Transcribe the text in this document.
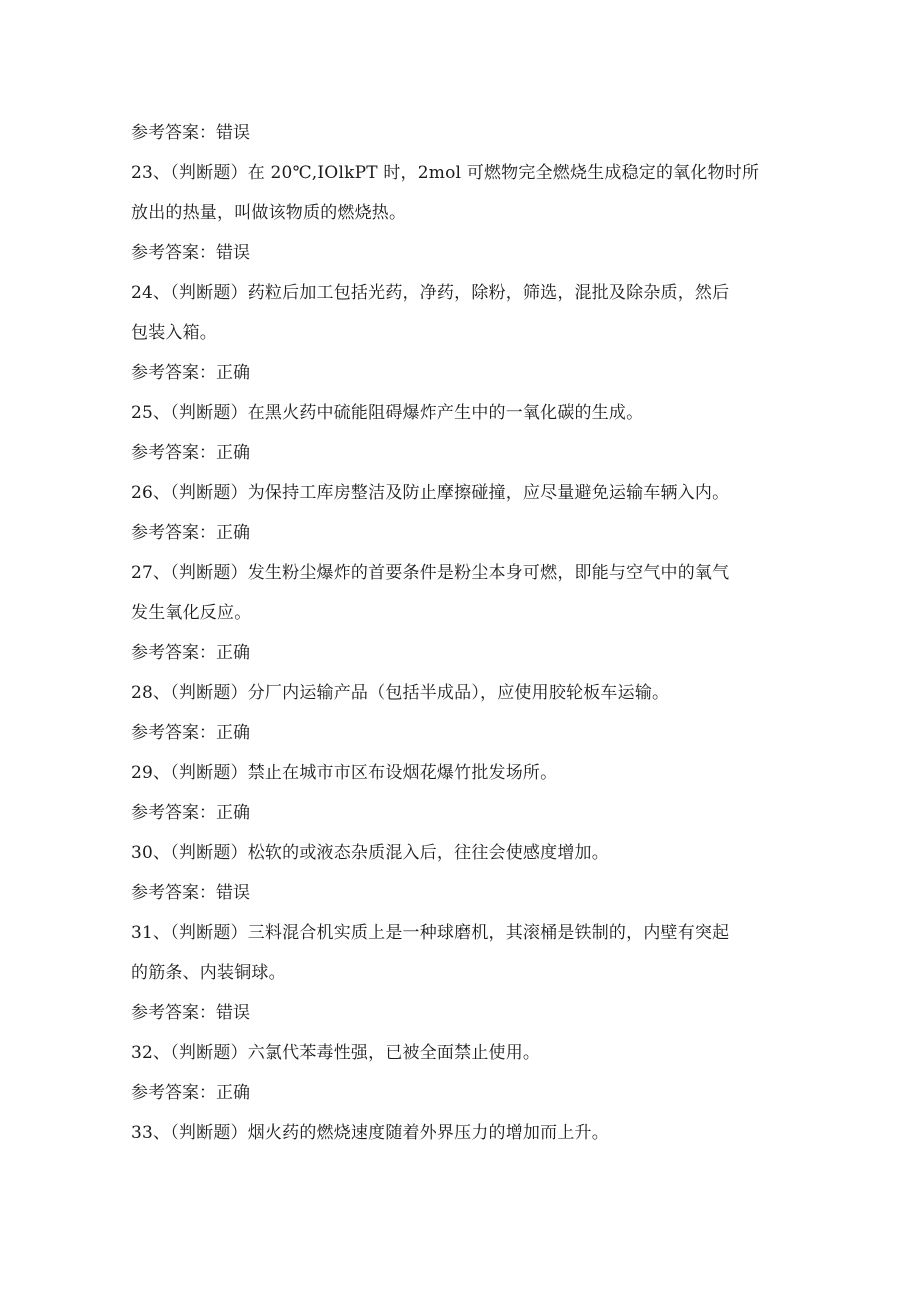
参考答案：错误
23、（判断题）在 20℃,IOlkPT 时，2mol 可燃物完全燃烧生成稳定的氧化物时所
放出的热量，叫做该物质的燃烧热。
参考答案：错误
24、（判断题）药粒后加工包括光药，净药，除粉，筛选，混批及除杂质，然后
包装入箱。
参考答案：正确
25、（判断题）在黑火药中硫能阻碍爆炸产生中的一氧化碳的生成。
参考答案：正确
26、（判断题）为保持工库房整洁及防止摩擦碰撞，应尽量避免运输车辆入内。
参考答案：正确
27、（判断题）发生粉尘爆炸的首要条件是粉尘本身可燃，即能与空气中的氧气
发生氧化反应。
参考答案：正确
28、（判断题）分厂内运输产品（包括半成品），应使用胶轮板车运输。
参考答案：正确
29、（判断题）禁止在城市市区布设烟花爆竹批发场所。
参考答案：正确
30、（判断题）松软的或液态杂质混入后，往往会使感度增加。
参考答案：错误
31、（判断题）三料混合机实质上是一种球磨机，其滚桶是铁制的，内壁有突起
的筋条、内装铜球。
参考答案：错误
32、（判断题）六氯代苯毒性强，已被全面禁止使用。
参考答案：正确
33、（判断题）烟火药的燃烧速度随着外界压力的增加而上升。
